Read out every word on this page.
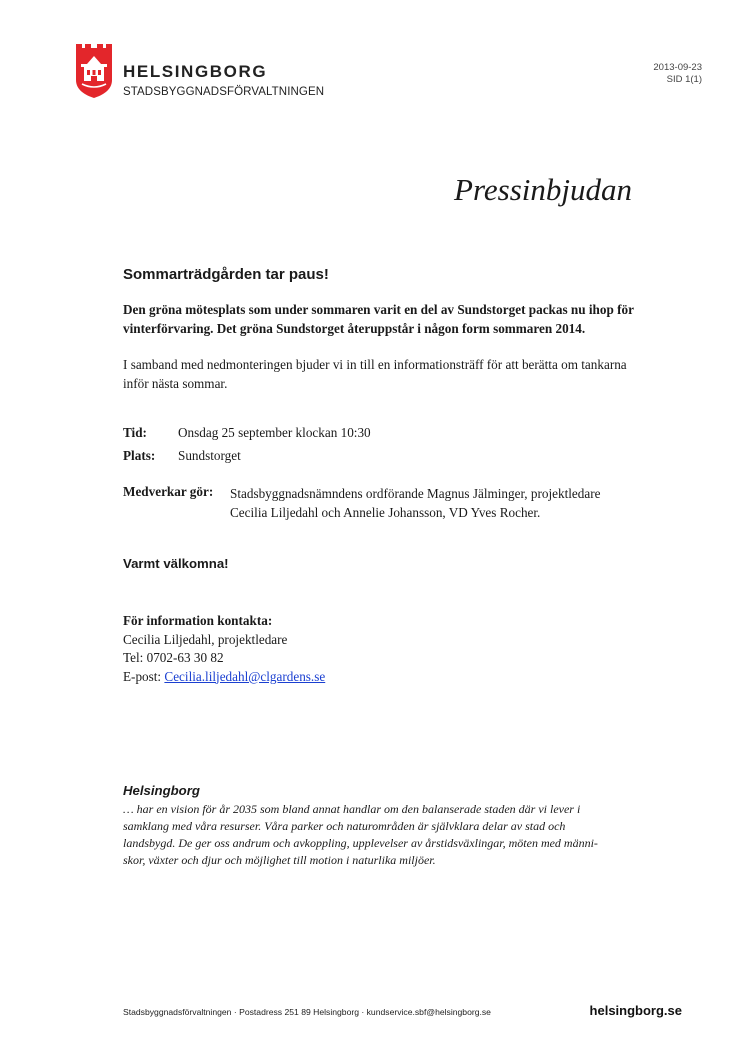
HELSINGBORG
STADSBYGGNADSFÖRVALTNINGEN
2013-09-23
SID 1(1)
Pressinbjudan
Sommarträdgården tar paus!
Den gröna mötesplats som under sommaren varit en del av Sundstorget packas nu ihop för vinterförvaring. Det gröna Sundstorget återuppstår i någon form sommaren 2014.
I samband med nedmonteringen bjuder vi in till en informationsträff för att berätta om tankarna inför nästa sommar.
Tid: Onsdag 25 september klockan 10:30
Plats: Sundstorget
Medverkar gör: Stadsbyggnadsnämndens ordförande Magnus Jälminger, projektledare
Cecilia Liljedahl och Annelie Johansson, VD Yves Rocher.
Varmt välkomna!
För information kontakta:
Cecilia Liljedahl, projektledare
Tel: 0702-63 30 82
E-post: Cecilia.liljedahl@clgardens.se
Helsingborg
… har en vision för år 2035 som bland annat handlar om den balanserade staden där vi lever i
samklang med våra resurser. Våra parker och naturområden är självklara delar av stad och
landsbygd. De ger oss andrum och avkoppling, upplevelser av årstidsväxlingar, möten med männi-
skor, växter och djur och möjlighet till motion i naturlika miljöer.
Stadsbyggnadsförvaltningen · Postadress 251 89 Helsingborg · kundservice.sbf@helsingborg.se	helsingborg.se
